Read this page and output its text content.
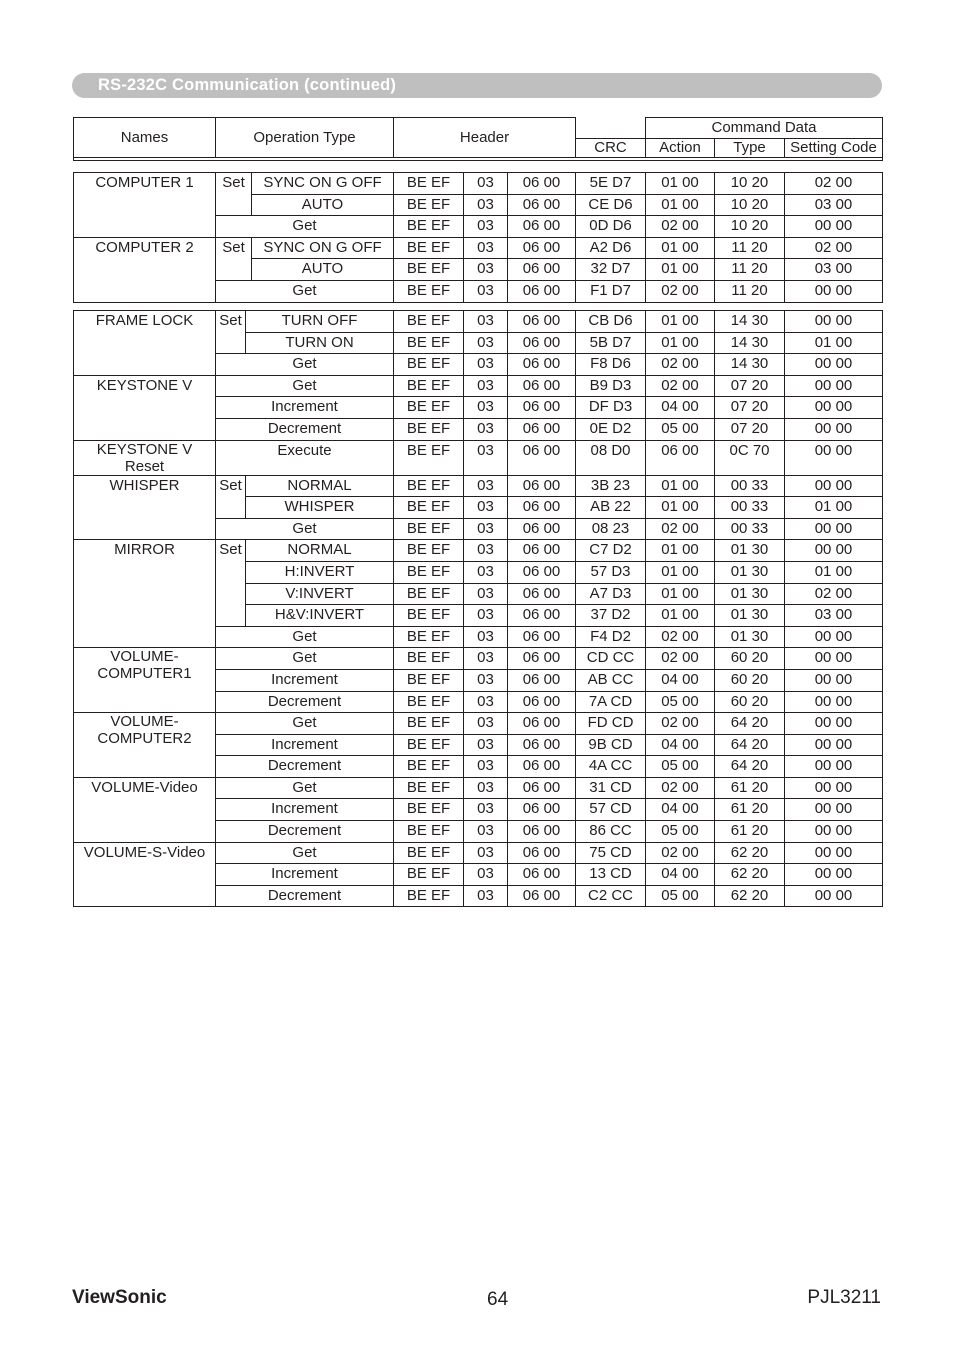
RS-232C Communication (continued)
Names	Operation Type	Header		Command Data		
			CRC	Action	Type	Setting Code

COMPUTER 1	Set	SYNC ON G OFF	BE EF	03	06 00	5E D7	01 00	10 20	02 00
		AUTO	BE EF	03	06 00	CE D6	01 00	10 20	03 00
	Get		BE EF	03	06 00	0D D6	02 00	10 20	00 00
COMPUTER 2	Set	SYNC ON G OFF	BE EF	03	06 00	A2 D6	01 00	11 20	02 00
		AUTO	BE EF	03	06 00	32 D7	01 00	11 20	03 00
	Get		BE EF	03	06 00	F1 D7	02 00	11 20	00 00
FRAME LOCK	Set	TURN OFF	BE EF	03	06 00	CB D6	01 00	14 30	00 00
		TURN ON	BE EF	03	06 00	5B D7	01 00	14 30	01 00
	Get		BE EF	03	06 00	F8 D6	02 00	14 30	00 00
KEYSTONE V	Get		BE EF	03	06 00	B9 D3	02 00	07 20	00 00
	Increment		BE EF	03	06 00	DF D3	04 00	07 20	00 00
	Decrement		BE EF	03	06 00	0E D2	05 00	07 20	00 00

KEYSTONE V
Reset	Execute		BE EF	03	06 00	08 D0	06 00	0C 70	00 00
WHISPER	Set	NORMAL	BE EF	03	06 00	3B 23	01 00	00 33	00 00
		WHISPER	BE EF	03	06 00	AB 22	01 00	00 33	01 00
	Get		BE EF	03	06 00	08 23	02 00	00 33	00 00
MIRROR	Set	NORMAL	BE EF	03	06 00	C7 D2	01 00	01 30	00 00
		H:INVERT	BE EF	03	06 00	57 D3	01 00	01 30	01 00
		V:INVERT	BE EF	03	06 00	A7 D3	01 00	01 30	02 00
		H&V:INVERT	BE EF	03	06 00	37 D2	01 00	01 30	03 00
	Get		BE EF	03	06 00	F4 D2	02 00	01 30	00 00

VOLUME-
COMPUTER1	Get		BE EF	03	06 00	CD CC	02 00	60 20	00 00
	Increment		BE EF	03	06 00	AB CC	04 00	60 20	00 00
	Decrement		BE EF	03	06 00	7A CD	05 00	60 20	00 00

VOLUME-
COMPUTER2	Get		BE EF	03	06 00	FD CD	02 00	64 20	00 00
	Increment		BE EF	03	06 00	9B CD	04 00	64 20	00 00
	Decrement		BE EF	03	06 00	4A CC	05 00	64 20	00 00
VOLUME-Video	Get		BE EF	03	06 00	31 CD	02 00	61 20	00 00
	Increment		BE EF	03	06 00	57 CD	04 00	61 20	00 00
	Decrement		BE EF	03	06 00	86 CC	05 00	61 20	00 00
VOLUME-S-Video	Get		BE EF	03	06 00	75 CD	02 00	62 20	00 00
	Increment		BE EF	03	06 00	13 CD	04 00	62 20	00 00
	Decrement		BE EF	03	06 00	C2 CC	05 00	62 20	00 00
ViewSonic	64	PJL3211
